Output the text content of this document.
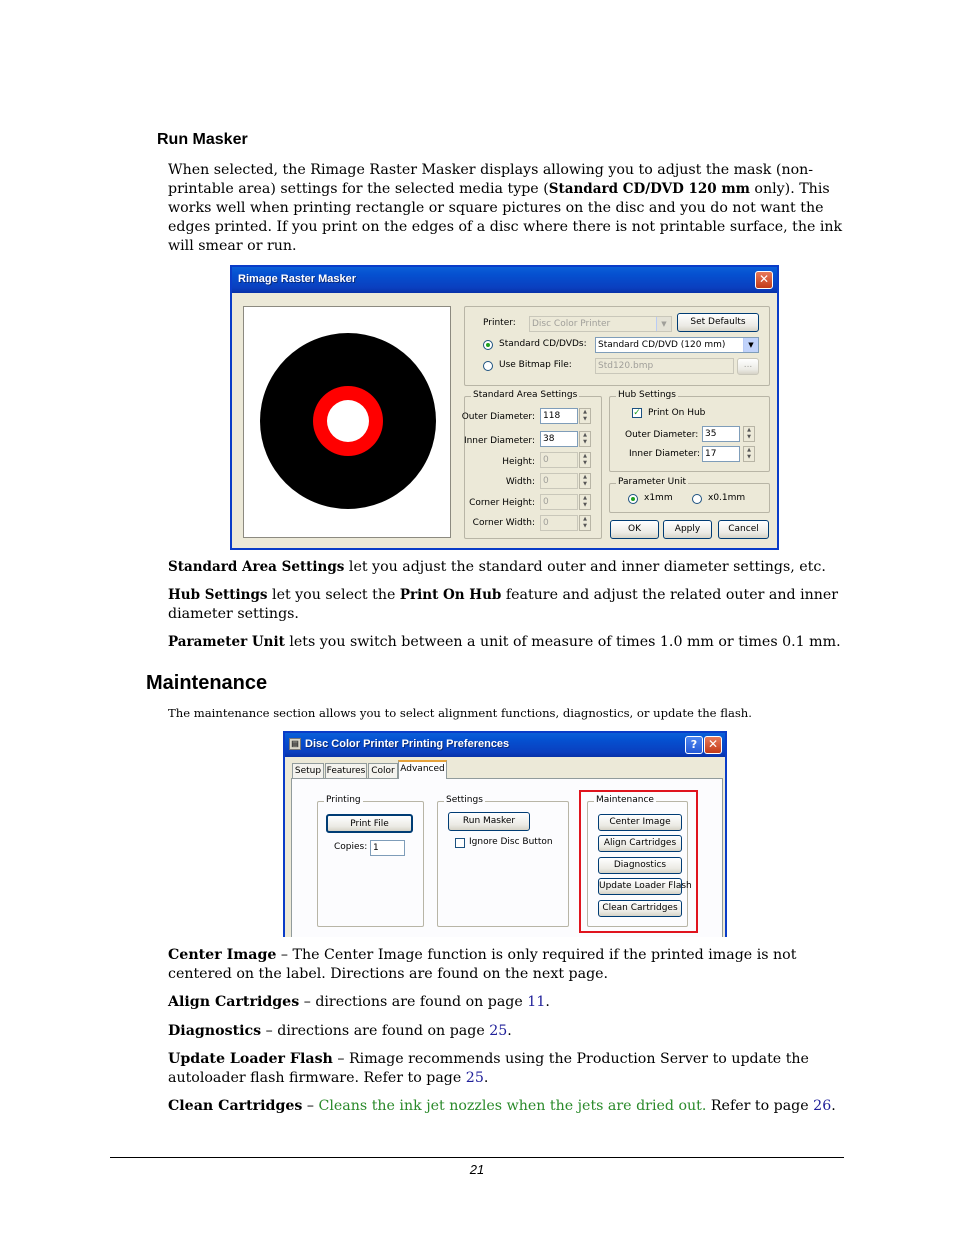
Run Masker
When selected, the Rimage Raster Masker displays allowing you to adjust the mask (non-
printable area) settings for the selected media type (Standard CD/DVD 120 mm only). This
works well when printing rectangle or square pictures on the disc and you do not want the
edges printed. If you print on the edges of a disc where there is not printable surface, the ink
will smear or run.
Rimage Raster Masker	✕
Printer:	Disc Color Printer	▼	Set Defaults
Standard CD/DVDs:	Standard CD/DVD (120 mm)	▼
Use Bitmap File:	Std120.bmp	...
Standard Area Settings
Outer Diameter: 118	▲
▼
Inner Diameter: 38	▲
▼
Height: 0	▲
▼
Width: 0	▲
▼
Corner Height: 0	▲
▼
Corner Width: 0	▲
▼
Hub Settings
✓ Print On Hub
Outer Diameter: 35	▲
▼
Inner Diameter: 17	▲
▼
Parameter Unit
x1mm	x0.1mm
OK	Apply	Cancel
Standard Area Settings let you adjust the standard outer and inner diameter settings, etc.
Hub Settings let you select the Print On Hub feature and adjust the related outer and inner
diameter settings.
Parameter Unit lets you switch between a unit of measure of times 1.0 mm or times 0.1 mm.
Maintenance
The maintenance section allows you to select alignment functions, diagnostics, or update the flash.
▤ Disc Color Printer Printing Preferences	? ✕
Setup Features Color Advanced
Printing
Print File
Copies: 1
Settings
Run Masker
Ignore Disc Button
Maintenance
Center Image
Align Cartridges
Diagnostics
Update Loader Flash
Clean Cartridges
Center Image – The Center Image function is only required if the printed image is not
centered on the label. Directions are found on the next page.
Align Cartridges – directions are found on page 11.
Diagnostics – directions are found on page 25.
Update Loader Flash – Rimage recommends using the Production Server to update the
autoloader flash firmware. Refer to page 25.
Clean Cartridges – Cleans the ink jet nozzles when the jets are dried out. Refer to page 26.
21
